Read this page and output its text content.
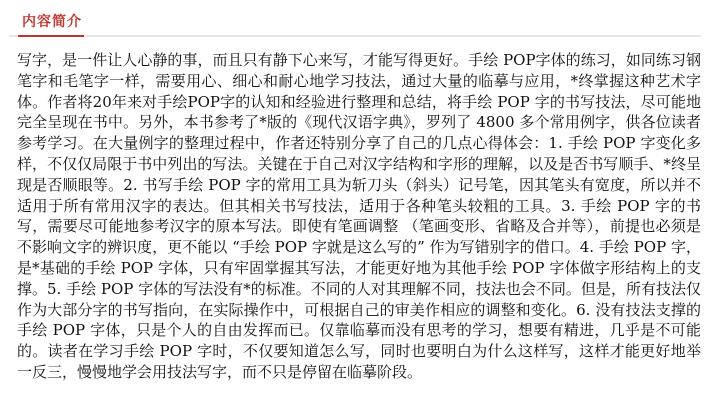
内容简介
写字，是一件让人心静的事，而且只有静下心来写，才能写得更好。手绘 POP字体的练习，如同练习钢笔字和毛笔字一样，需要用心、细心和耐心地学习技法，通过大量的临摹与应用，*终掌握这种艺术字体。作者将20年来对手绘POP字的认知和经验进行整理和总结，将手绘 POP 字的书写技法，尽可能地完全呈现在书中。另外，本书参考了*版的《现代汉语字典》，罗列了 4800 多个常用例字，供各位读者参考学习。在大量例字的整理过程中，作者还特别分享了自己的几点心得体会：1. 手绘 POP 字变化多样，不仅仅局限于书中列出的写法。关键在于自己对汉字结构和字形的理解，以及是否书写顺手、*终呈现是否顺眼等。2. 书写手绘 POP 字的常用工具为斩刀头（斜头）记号笔，因其笔头有宽度，所以并不适用于所有常用汉字的表达。但其相关书写技法，适用于各种笔头较粗的工具。3. 手绘 POP 字的书写，需要尽可能地参考汉字的原本写法。即使有笔画调整 （笔画变形、省略及合并等），前提也必须是不影响文字的辨识度，更不能以 “手绘 POP 字就是这么写的” 作为写错别字的借口。4. 手绘 POP 字，是*基础的手绘 POP 字体，只有牢固掌握其写法，才能更好地为其他手绘 POP 字体做字形结构上的支撑。5. 手绘 POP 字体的写法没有*的标准。不同的人对其理解不同，技法也会不同。但是，所有技法仅作为大部分字的书写指向，在实际操作中，可根据自己的审美作相应的调整和变化。6. 没有技法支撑的手绘 POP 字体，只是个人的自由发挥而已。仅靠临摹而没有思考的学习，想要有精进，几乎是不可能的。读者在学习手绘 POP 字时，不仅要知道怎么写，同时也要明白为什么这样写，这样才能更好地举一反三，慢慢地学会用技法写字，而不只是停留在临摹阶段。
